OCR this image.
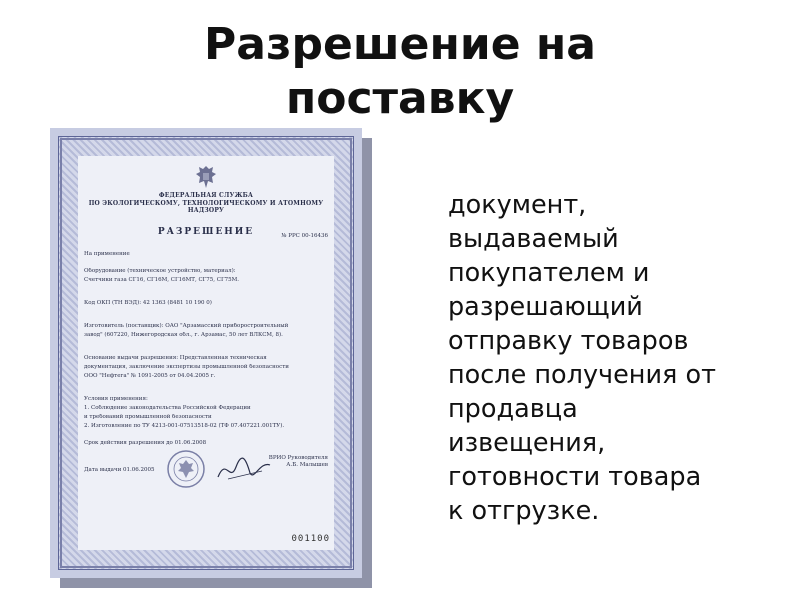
Разрешение на
поставку
ФЕДЕРАЛЬНАЯ СЛУЖБА
ПО ЭКОЛОГИЧЕСКОМУ, ТЕХНОЛОГИЧЕСКОМУ И АТОМНОМУ НАДЗОРУ
РАЗРЕШЕНИЕ	№ РРС 00-16436
На применение
Оборудование (техническое устройство, материал):
Счетчики газа СГ16, СГ16М, СГ16МТ, СГ75, СГ75М.
Код ОКП (ТН ВЭД): 42 1363 (8481 10 190 0)
Изготовитель (поставщик): ОАО "Арзамасский приборостроительный
завод" (607220, Нижегородская обл., г. Арзамас, 50 лет ВЛКСМ, 8).
Основание выдачи разрешения: Представленная техническая
документация, заключение экспертизы промышленной безопасности
ООО "Нефтега" № 1091-2005 от 04.04.2005 г.
Условия применения:
1. Соблюдение законодательства Российской Федерации
и требований промышленной безопасности
2. Изготовление по ТУ 4213-001-07513518-02 (ТФ 07.407221.001ТУ).
Срок действия разрешения до 01.06.2008
Дата выдачи 01.06.2005
ВРИО Руководителя
А.Б. Малышев
001100
документ,
выдаваемый
покупателем и
разрешающий
отправку товаров
после получения от
продавца
извещения,
готовности товара
к отгрузке.
